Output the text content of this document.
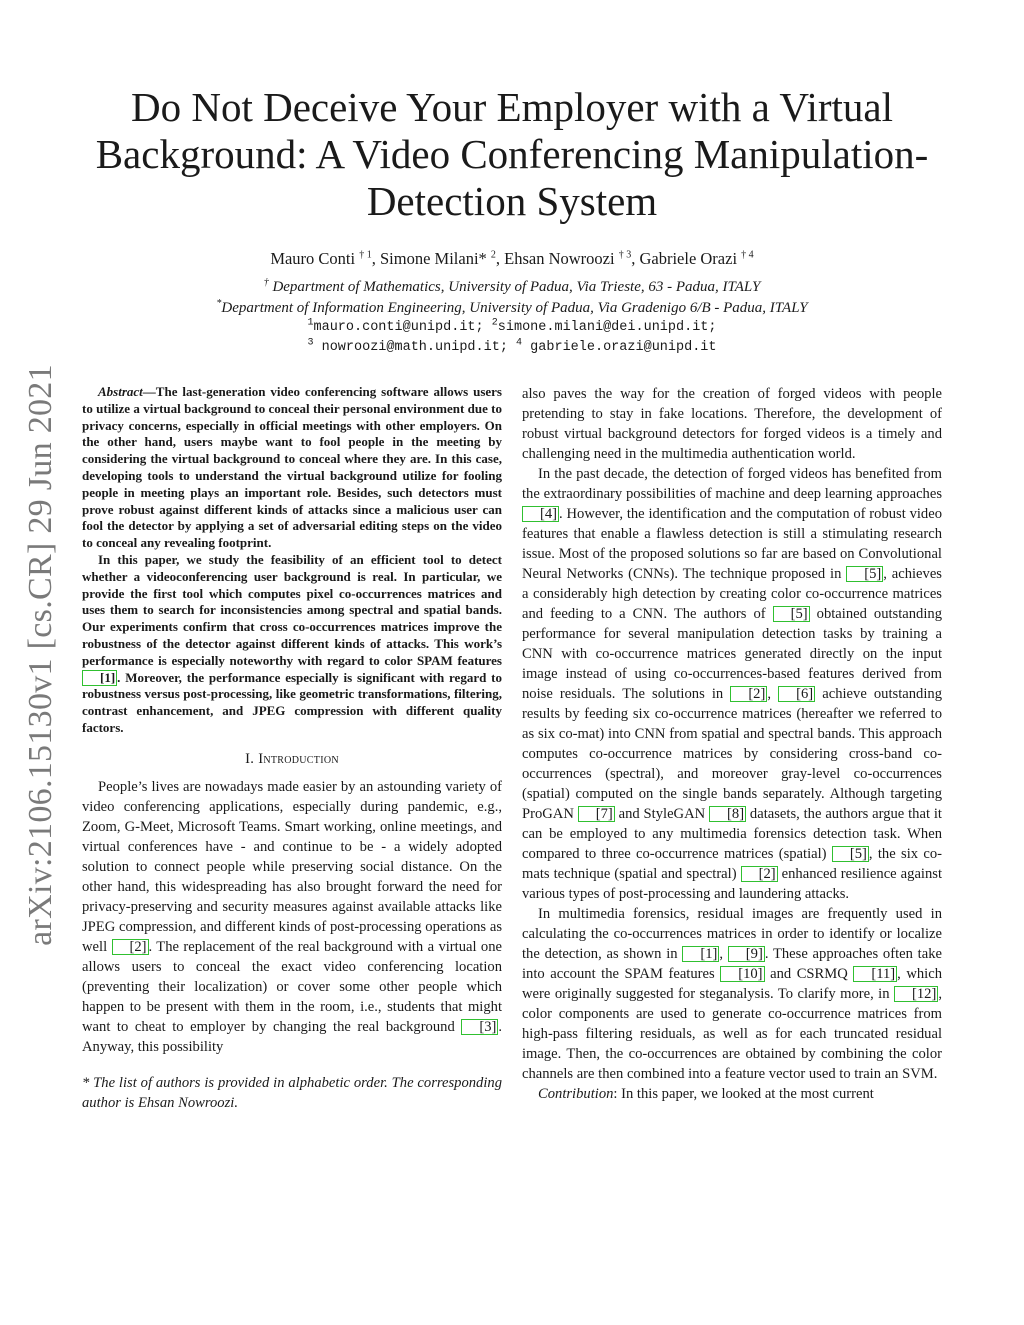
arXiv:2106.15130v1 [cs.CR] 29 Jun 2021
Do Not Deceive Your Employer with a Virtual Background: A Video Conferencing Manipulation-Detection System
Mauro Conti $^{\dagger 1}$, Simone Milani* $^2$, Ehsan Nowroozi $^{\dagger 3}$, Gabriele Orazi $^{\dagger 4}$
† Department of Mathematics, University of Padua, Via Trieste, 63 - Padua, ITALY
*Department of Information Engineering, University of Padua, Via Gradenigo 6/B - Padua, ITALY
$^1$mauro.conti@unipd.it; $^2$simone.milani@dei.unipd.it;
$^3$ nowroozi@math.unipd.it; $^4$ gabriele.orazi@unipd.it

Abstract—The last-generation video conferencing software allows users to utilize a virtual background to conceal their personal environment due to privacy concerns, especially in official meetings with other employers. On the other hand, users maybe want to fool people in the meeting by considering the virtual background to conceal where they are. In this case, developing tools to understand the virtual background utilize for fooling people in meeting plays an important role. Besides, such detectors must prove robust against different kinds of attacks since a malicious user can fool the detector by applying a set of adversarial editing steps on the video to conceal any revealing footprint.

In this paper, we study the feasibility of an efficient tool to detect whether a videoconferencing user background is real. In particular, we provide the first tool which computes pixel co-occurrences matrices and uses them to search for inconsistencies among spectral and spatial bands. Our experiments confirm that cross co-occurrences matrices improve the robustness of the detector against different kinds of attacks. This work’s performance is especially noteworthy with regard to color SPAM features [1] . Moreover, the performance especially is significant with regard to robustness versus post-processing, like geometric transformations, filtering, contrast enhancement, and JPEG compression with different quality factors.

I. Introduction

People’s lives are nowadays made easier by an astounding variety of video conferencing applications, especially during pandemic, e.g., Zoom, G-Meet, Microsoft Teams. Smart working, online meetings, and virtual conferences have - and continue to be - a widely adopted solution to connect people while preserving social distance. On the other hand, this widespreading has also brought forward the need for privacy-preserving and security measures against available attacks like JPEG compression, and different kinds of post-processing operations as well [2] . The replacement of the real background with a virtual one allows users to conceal the exact video conferencing location (preventing their localization) or cover some other people which happen to be present with them in the room, i.e., students that might want to cheat to employer by changing the real background [3] . Anyway, this possibility

* The list of authors is provided in alphabetic order. The corresponding author is Ehsan Nowroozi.

also paves the way for the creation of forged videos with people pretending to stay in fake locations. Therefore, the development of robust virtual background detectors for forged videos is a timely and challenging need in the multimedia authentication world.

In the past decade, the detection of forged videos has benefited from the extraordinary possibilities of machine and deep learning approaches [4] . However, the identification and the computation of robust video features that enable a flawless detection is still a stimulating research issue. Most of the proposed solutions so far are based on Convolutional Neural Networks (CNNs). The technique proposed in [5] , achieves a considerably high detection by creating color co-occurrence matrices and feeding to a CNN. The authors of [5] obtained outstanding performance for several manipulation detection tasks by training a CNN with co-occurrence matrices generated directly on the input image instead of using co-occurrences-based features derived from noise residuals. The solutions in [2] , [6] achieve outstanding results by feeding six co-occurrence matrices (hereafter we referred to as six co-mat) into CNN from spatial and spectral bands. This approach computes co-occurrence matrices by considering cross-band co-occurrences (spectral), and moreover gray-level co-occurrences (spatial) computed on the single bands separately. Although targeting ProGAN [7] and StyleGAN [8] datasets, the authors argue that it can be employed to any multimedia forensics detection task. When compared to three co-occurrence matrices (spatial) [5] , the six co-mats technique (spatial and spectral) [2] enhanced resilience against various types of post-processing and laundering attacks.

In multimedia forensics, residual images are frequently used in calculating the co-occurrences matrices in order to identify or localize the detection, as shown in [1] , [9] . These approaches often take into account the SPAM features [10] and CSRMQ [11] , which were originally suggested for steganalysis. To clarify more, in [12] , color components are used to generate co-occurrence matrices from high-pass filtering residuals, as well as for each truncated residual image. Then, the co-occurrences are obtained by combining the color channels are then combined into a feature vector used to train an SVM.

Contribution: In this paper, we looked at the most current
